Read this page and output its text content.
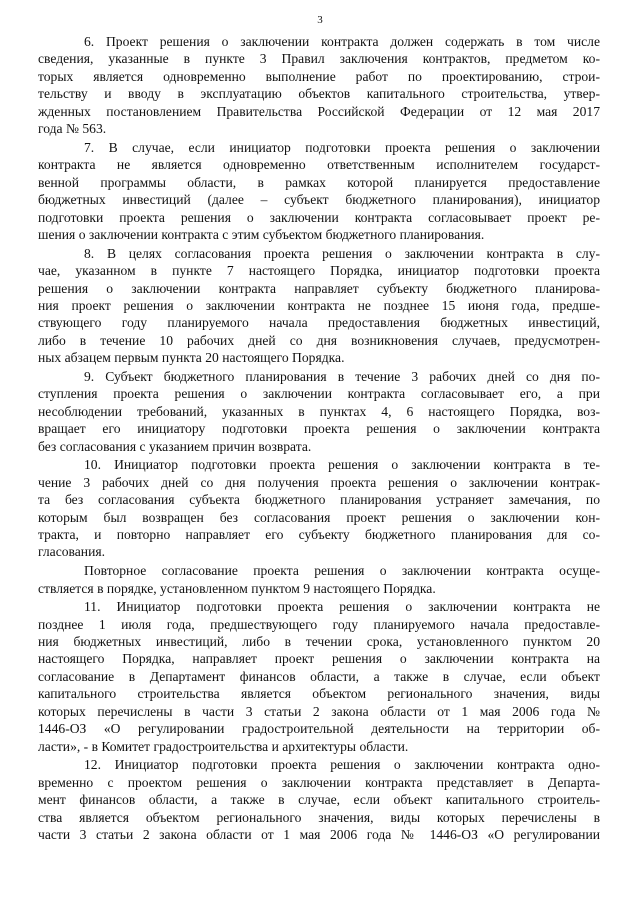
3
6. Проект решения о заключении контракта должен содержать в том числе
сведения, указанные в пункте 3 Правил заключения контрактов, предметом ко-
торых является одновременно выполнение работ по проектированию, строи-
тельству и вводу в эксплуатацию объектов капитального строительства, утвер-
жденных постановлением Правительства Российской Федерации от 12 мая 2017
года № 563.
7. В случае, если инициатор подготовки проекта решения о заключении
контракта не является одновременно ответственным исполнителем государст-
венной программы области, в рамках которой планируется предоставление
бюджетных инвестиций (далее – субъект бюджетного планирования), инициатор
подготовки проекта решения о заключении контракта согласовывает проект ре-
шения о заключении контракта с этим субъектом бюджетного планирования.
8. В целях согласования проекта решения о заключении контракта в слу-
чае, указанном в пункте 7 настоящего Порядка, инициатор подготовки проекта
решения о заключении контракта направляет субъекту бюджетного планирова-
ния проект решения о заключении контракта не позднее 15 июня года, предше-
ствующего году планируемого начала предоставления бюджетных инвестиций,
либо в течение 10 рабочих дней со дня возникновения случаев, предусмотрен-
ных абзацем первым пункта 20 настоящего Порядка.
9. Субъект бюджетного планирования в течение 3 рабочих дней со дня по-
ступления проекта решения о заключении контракта согласовывает его, а при
несоблюдении требований, указанных в пунктах 4, 6 настоящего Порядка, воз-
вращает его инициатору подготовки проекта решения о заключении контракта
без согласования с указанием причин возврата.
10. Инициатор подготовки проекта решения о заключении контракта в те-
чение 3 рабочих дней со дня получения проекта решения о заключении контрак-
та без согласования субъекта бюджетного планирования устраняет замечания, по
которым был возвращен без согласования проект решения о заключении кон-
тракта, и повторно направляет его субъекту бюджетного планирования для со-
гласования.
Повторное согласование проекта решения о заключении контракта осуще-
ствляется в порядке, установленном пунктом 9 настоящего Порядка.
11. Инициатор подготовки проекта решения о заключении контракта не
позднее 1 июля года, предшествующего году планируемого начала предоставле-
ния бюджетных инвестиций, либо в течении срока, установленного пунктом 20
настоящего Порядка, направляет проект решения о заключении контракта на
согласование в Департамент финансов области, а также в случае, если объект
капитального строительства является объектом регионального значения, виды
которых перечислены в части 3 статьи 2 закона области от 1 мая 2006 года №
1446-ОЗ «О регулировании градостроительной деятельности на территории об-
ласти», - в Комитет градостроительства и архитектуры области.
12. Инициатор подготовки проекта решения о заключении контракта одно-
временно с проектом решения о заключении контракта представляет в Департа-
мент финансов области, а также в случае, если объект капитального строитель-
ства является объектом регионального значения, виды которых перечислены в
части 3 статьи 2 закона области от 1 мая 2006 года № 1446-ОЗ «О регулировании
